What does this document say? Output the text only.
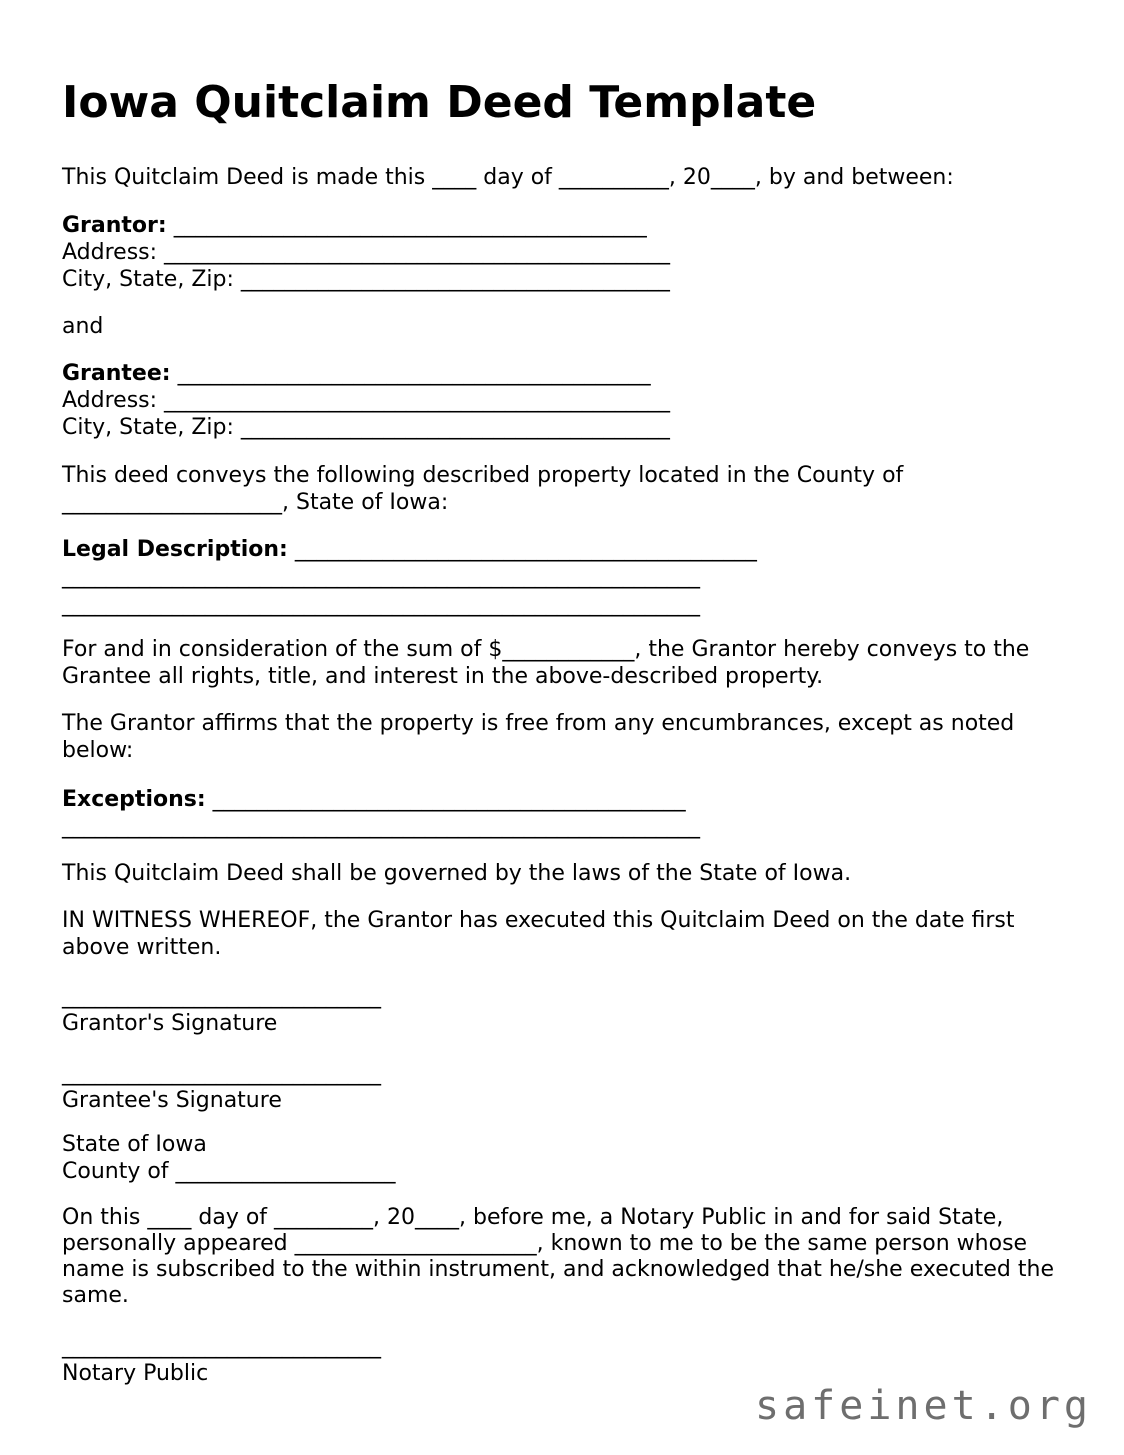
Iowa Quitclaim Deed Template
This Quitclaim Deed is made this ____ day of __________, 20____, by and between:
Grantor: ___________________________________________
Address: ______________________________________________
City, State, Zip: _______________________________________
and
Grantee: ___________________________________________
Address: ______________________________________________
City, State, Zip: _______________________________________
This deed conveys the following described property located in the County of
____________________, State of Iowa:
Legal Description: __________________________________________
__________________________________________________________
__________________________________________________________
For and in consideration of the sum of $____________, the Grantor hereby conveys to the
Grantee all rights, title, and interest in the above-described property.
The Grantor affirms that the property is free from any encumbrances, except as noted
below:
Exceptions: ___________________________________________
__________________________________________________________
This Quitclaim Deed shall be governed by the laws of the State of Iowa.
IN WITNESS WHEREOF, the Grantor has executed this Quitclaim Deed on the date first
above written.
_____________________________
Grantor's Signature
_____________________________
Grantee's Signature
State of Iowa
County of ____________________
On this ____ day of _________, 20____, before me, a Notary Public in and for said State,
personally appeared ______________________, known to me to be the same person whose
name is subscribed to the within instrument, and acknowledged that he/she executed the
same.
_____________________________
Notary Public
safeinet.org
